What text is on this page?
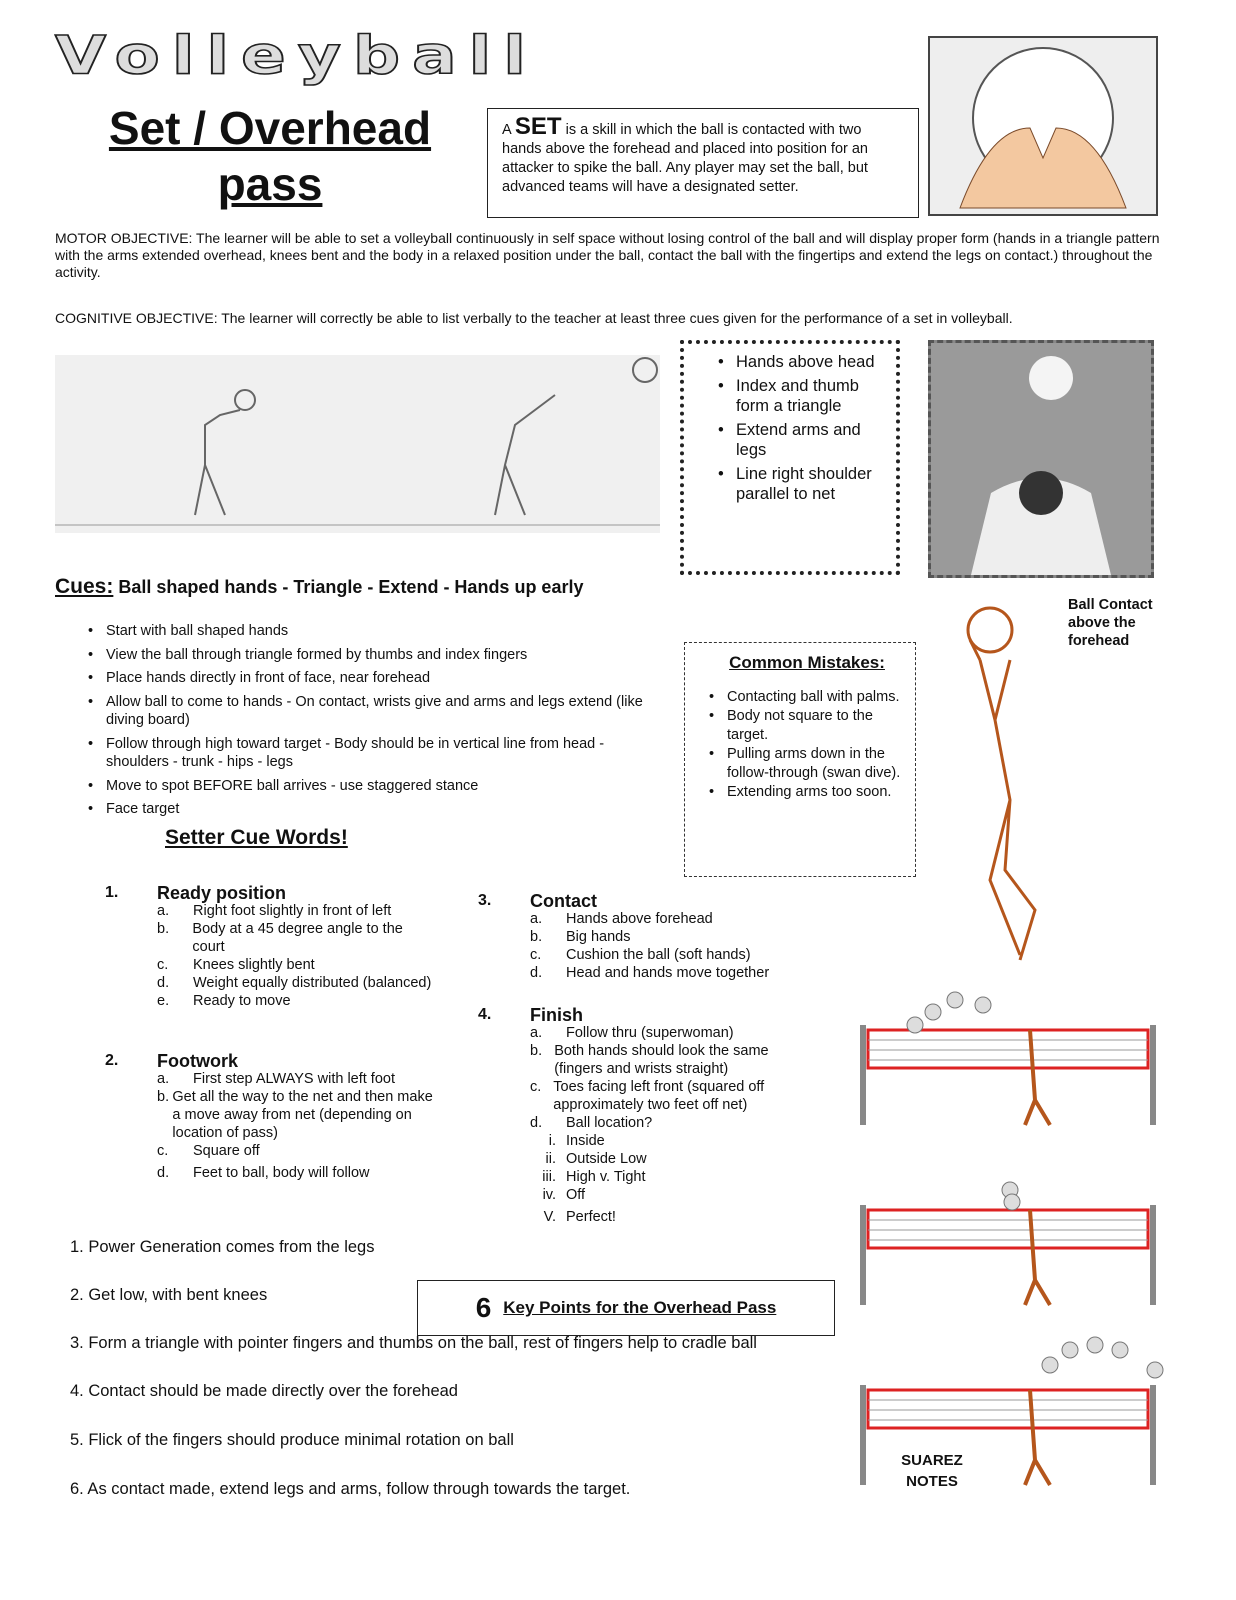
Volleyball
Set / Overhead pass
A SET is a skill in which the ball is contacted with two hands above the forehead and placed into position for an attacker to spike the ball. Any player may set the ball, but advanced teams will have a designated setter.
MOTOR OBJECTIVE: The learner will be able to set a volleyball continuously in self space without losing control of the ball and will display proper form (hands in a triangle pattern with the arms extended overhead, knees bent and the body in a relaxed position under the ball, contact the ball with the fingertips and extend the legs on contact.) throughout the activity.
COGNITIVE OBJECTIVE: The learner will correctly be able to list verbally to the teacher at least three cues given for the performance of a set in volleyball.
• Hands above head
• Index and thumb form a triangle
• Extend arms and legs
• Line right shoulder parallel to net
Cues: Ball shaped hands - Triangle - Extend - Hands up early
• Start with ball shaped hands
• View the ball through triangle formed by thumbs and index fingers
• Place hands directly in front of face, near forehead
• Allow ball to come to hands - On contact, wrists give and arms and legs extend (like diving board)
• Follow through high toward target - Body should be in vertical line from head - shoulders - trunk - hips - legs
• Move to spot BEFORE ball arrives - use staggered stance
• Face target
Common Mistakes:
• Contacting ball with palms.
• Body not square to the target.
• Pulling arms down in the follow-through (swan dive).
• Extending arms too soon.
Ball Contact above the forehead
Setter Cue Words!
1.	Ready position
a.	Right foot slightly in front of left
b.	Body at a 45 degree angle to the court
c.	Knees slightly bent
d.	Weight equally distributed (balanced)
e.	Ready to move
2.	Footwork
a.	First step ALWAYS with left foot
b. Get all the way to the net and then make a move away from net (depending on location of pass)
c.	Square off
d.	Feet to ball, body will follow
3.	Contact
a.	Hands above forehead
b.	Big hands
c.	Cushion the ball (soft hands)
d.	Head and hands move together
4.	Finish
a.	Follow thru (superwoman)
b. Both hands should look the same (fingers and wrists straight)
c. Toes facing left front (squared off approximately two feet off net)
d.	Ball location?
i. Inside
ii. Outside Low
iii. High v. Tight
iv. Off
V. Perfect!
6 Key Points for the Overhead Pass
1. Power Generation comes from the legs
2. Get low, with bent knees
3. Form a triangle with pointer fingers and thumbs on the ball, rest of fingers help to cradle ball
4. Contact should be made directly over the forehead
5. Flick of the fingers should produce minimal rotation on ball
6. As contact made, extend legs and arms, follow through towards the target.
SUAREZ NOTES
